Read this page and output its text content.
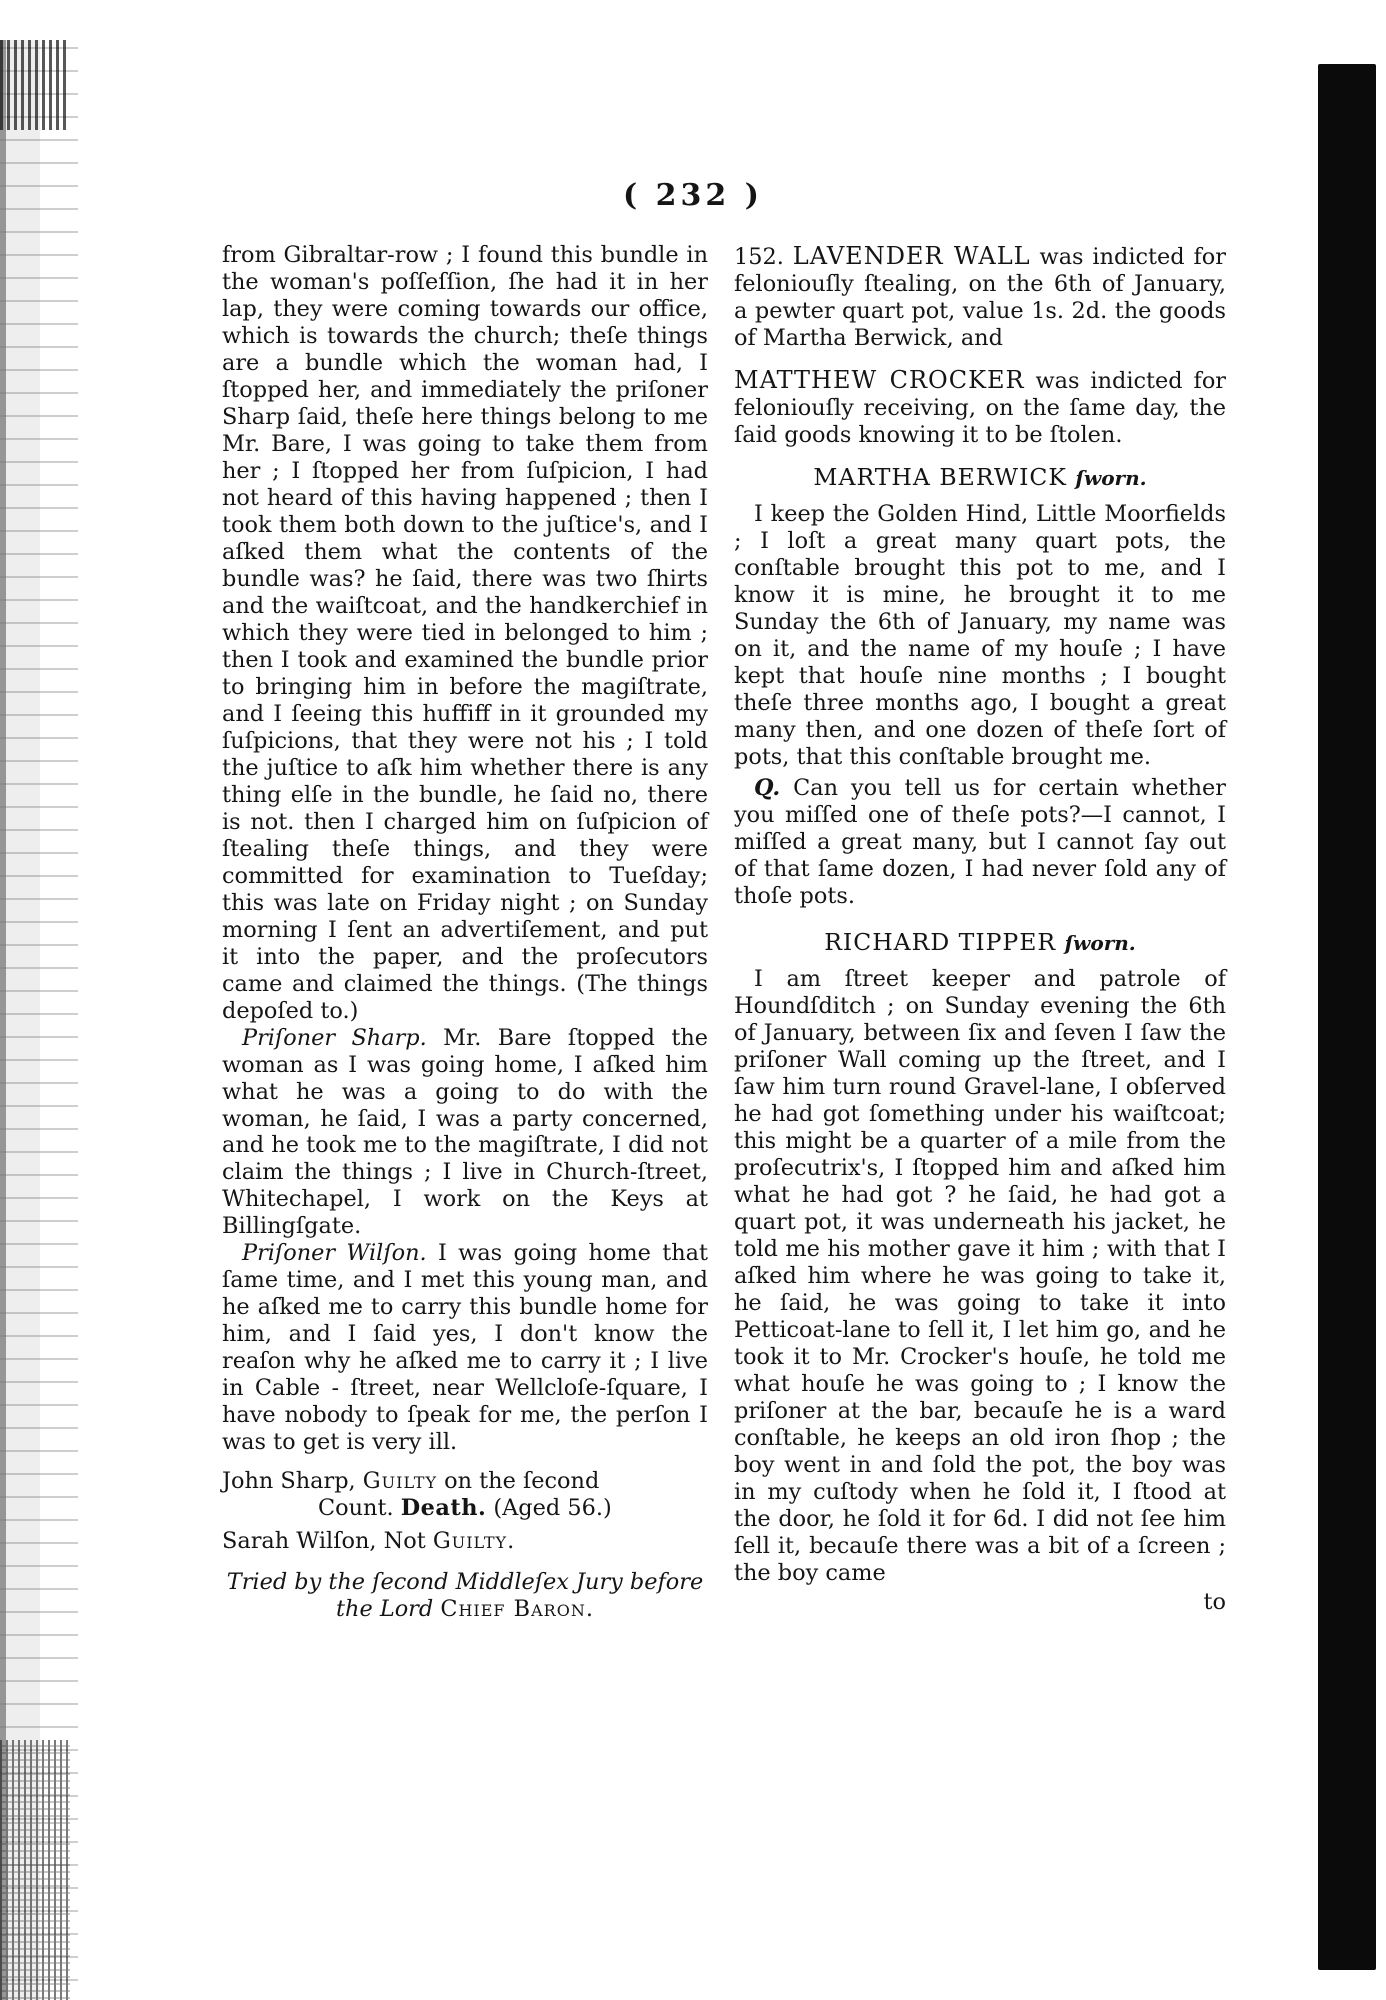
( 232 )

from Gibraltar-row ; I found this bundle in the woman's poſſeſſion, ſhe had it in her lap, they were coming towards our office, which is towards the church; theſe things are a bundle which the woman had, I ſtopped her, and immediately the priſoner Sharp ſaid, theſe here things belong to me Mr. Bare, I was going to take them from her ; I ſtopped her from ſuſpicion, I had not heard of this having happened ; then I took them both down to the juſtice's, and I aſked them what the contents of the bundle was? he ſaid, there was two ſhirts and the waiſtcoat, and the handkerchief in which they were tied in belonged to him ; then I took and examined the bundle prior to bringing him in before the magiſtrate, and I ſeeing this huffiff in it grounded my ſuſpicions, that they were not his ; I told the juſtice to aſk him whether there is any thing elſe in the bundle, he ſaid no, there is not. then I charged him on ſuſpicion of ſtealing theſe things, and they were committed for examination to Tueſday; this was late on Friday night ; on Sunday morning I ſent an advertiſement, and put it into the paper, and the proſecutors came and claimed the things. (The things depoſed to.)

Priſoner Sharp. Mr. Bare ſtopped the woman as I was going home, I aſked him what he was a going to do with the woman, he ſaid, I was a party concerned, and he took me to the magiſtrate, I did not claim the things ; I live in Church-ſtreet, Whitechapel, I work on the Keys at Billingſgate.

Priſoner Wilſon. I was going home that ſame time, and I met this young man, and he aſked me to carry this bundle home for him, and I ſaid yes, I don't know the reaſon why he aſked me to carry it ; I live in Cable - ſtreet, near Wellcloſe-ſquare, I have nobody to ſpeak for me, the perſon I was to get is very ill.

John Sharp, Guilty on the ſecond

Count. Death. (Aged 56.)

Sarah Wilſon, Not Guilty.

Tried by the ſecond Middleſex Jury before
the Lord Chief Baron.

152. LAVENDER WALL was indicted for feloniouſly ſtealing, on the 6th of January, a pewter quart pot, value 1s. 2d. the goods of Martha Berwick, and

MATTHEW CROCKER was indicted for feloniouſly receiving, on the ſame day, the ſaid goods knowing it to be ſtolen.

MARTHA BERWICK ſworn.

I keep the Golden Hind, Little Moorfields ; I loſt a great many quart pots, the conſtable brought this pot to me, and I know it is mine, he brought it to me Sunday the 6th of January, my name was on it, and the name of my houſe ; I have kept that houſe nine months ; I bought theſe three months ago, I bought a great many then, and one dozen of theſe ſort of pots, that this conſtable brought me.

Q. Can you tell us for certain whether you miſſed one of theſe pots?—I cannot, I miſſed a great many, but I cannot ſay out of that ſame dozen, I had never ſold any of thoſe pots.

RICHARD TIPPER ſworn.

I am ſtreet keeper and patrole of Houndſditch ; on Sunday evening the 6th of January, between ſix and ſeven I ſaw the priſoner Wall coming up the ſtreet, and I ſaw him turn round Gravel-lane, I obſerved he had got ſomething under his waiſtcoat; this might be a quarter of a mile from the proſecutrix's, I ſtopped him and aſked him what he had got ? he ſaid, he had got a quart pot, it was underneath his jacket, he told me his mother gave it him ; with that I aſked him where he was going to take it, he ſaid, he was going to take it into Petticoat-lane to ſell it, I let him go, and he took it to Mr. Crocker's houſe, he told me what houſe he was going to ; I know the priſoner at the bar, becauſe he is a ward conſtable, he keeps an old iron ſhop ; the boy went in and ſold the pot, the boy was in my cuſtody when he ſold it, I ſtood at the door, he ſold it for 6d. I did not ſee him ſell it, becauſe there was a bit of a ſcreen ; the boy came

to
